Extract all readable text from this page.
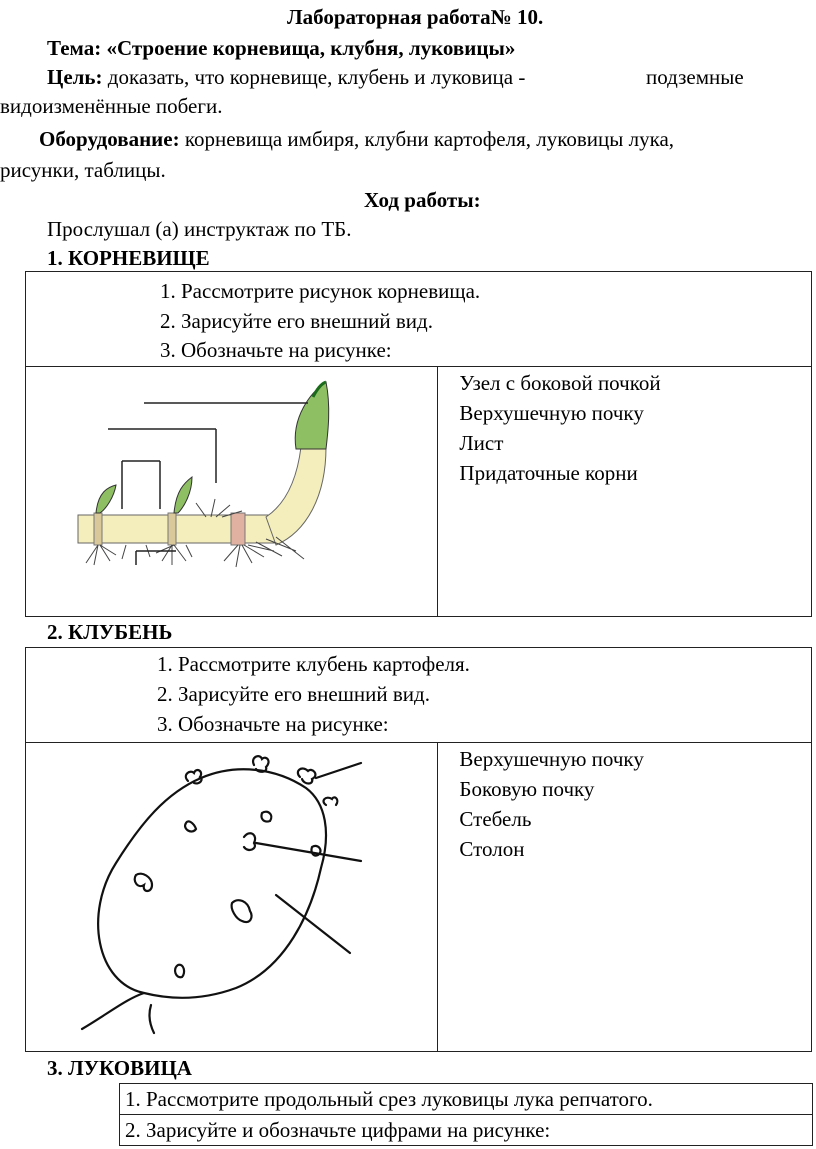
Лабораторная работа№ 10.
Тема: «Строение корневища, клубня, луковицы»
Цель: доказать, что корневище, клубень и луковица -	подземные
видоизменённые побеги.
Оборудование: корневища имбиря, клубни картофеля, луковицы лука,
рисунки, таблицы.
Ход работы:
Прослушал (а) инструктаж по ТБ.
1. КОРНЕВИЩЕ
1. Рассмотрите рисунок корневища.
2. Зарисуйте его внешний вид.
3. Обозначьте на рисунке:

Узел с боковой почкой
Верхушечную почку
Лист
Придаточные корни
2. КЛУБЕНЬ
1. Рассмотрите клубень картофеля.
2. Зарисуйте его внешний вид.
3. Обозначьте на рисунке:

Верхушечную почку
Боковую почку
Стебель
Столон
3. ЛУКОВИЦА
1. Рассмотрите продольный срез луковицы лука репчатого.

2. Зарисуйте и обозначьте цифрами на рисунке:
